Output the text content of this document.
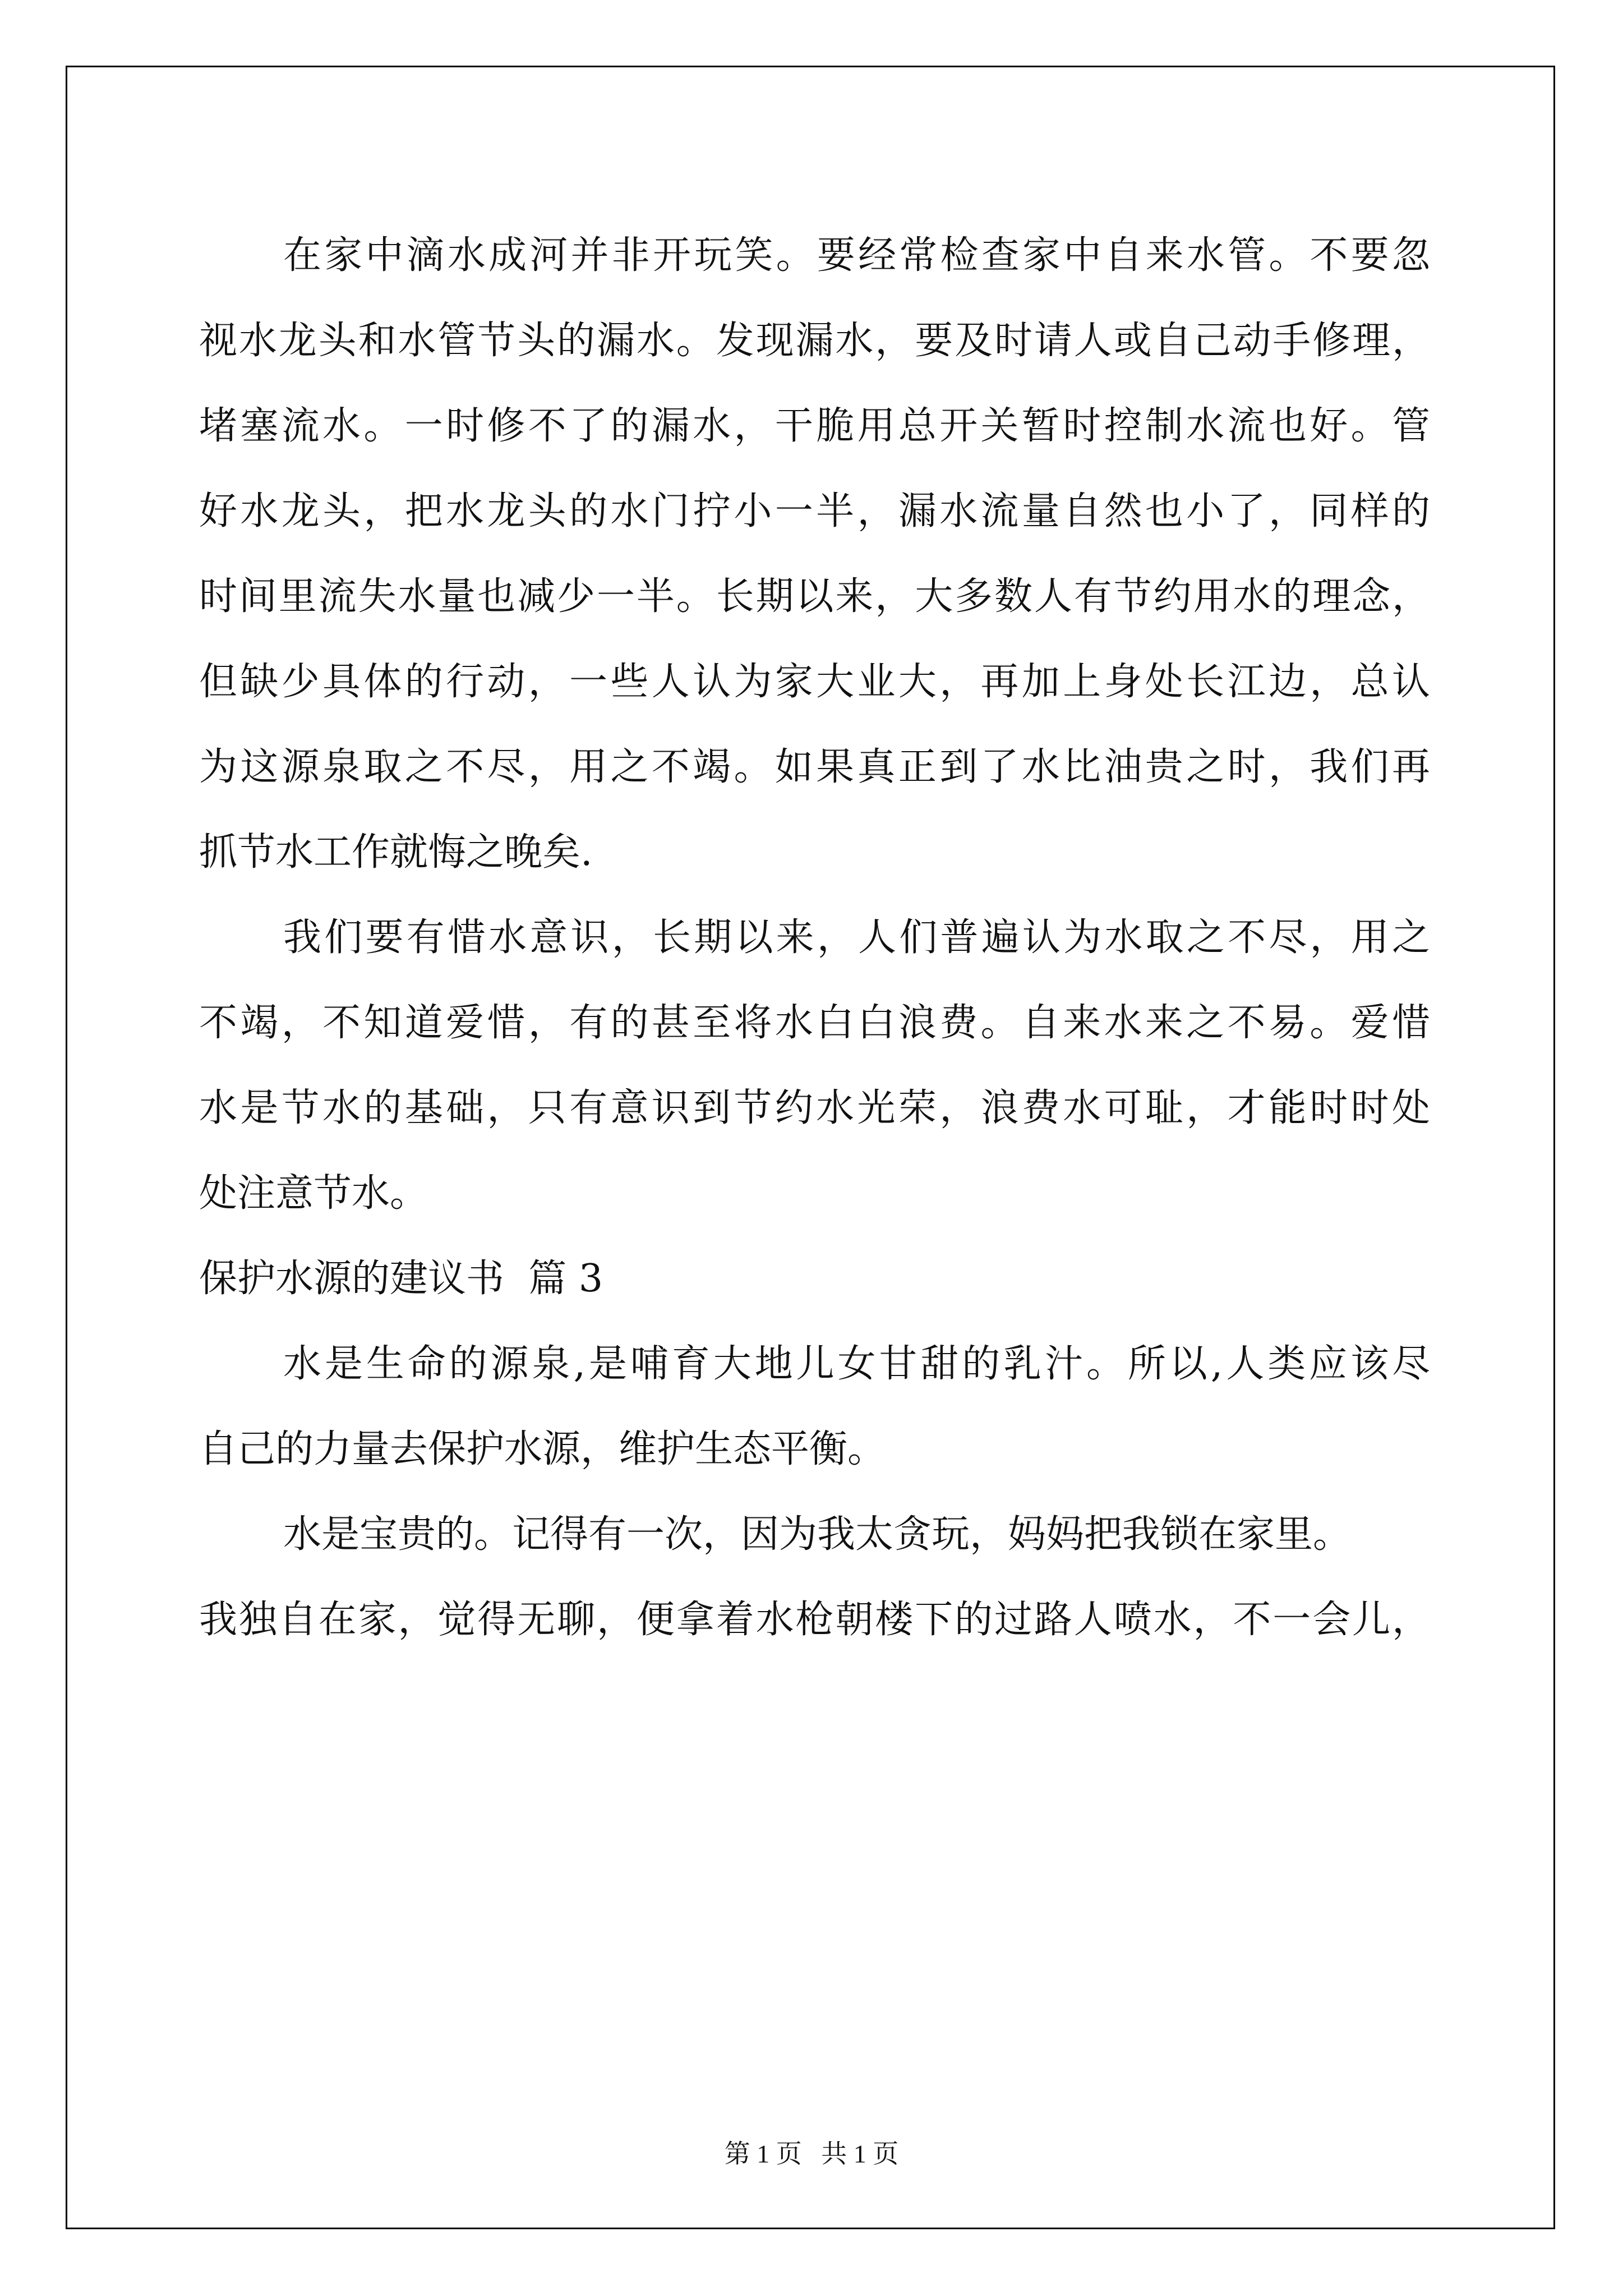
在家中滴水成河并非开玩笑。要经常检查家中自来水管。不要忽
视水龙头和水管节头的漏水。发现漏水，要及时请人或自己动手修理，
堵塞流水。一时修不了的漏水，干脆用总开关暂时控制水流也好。管
好水龙头，把水龙头的水门拧小一半，漏水流量自然也小了，同样的
时间里流失水量也减少一半。长期以来，大多数人有节约用水的理念，
但缺少具体的行动，一些人认为家大业大，再加上身处长江边，总认
为这源泉取之不尽，用之不竭。如果真正到了水比油贵之时，我们再
抓节水工作就悔之晚矣.
我们要有惜水意识，长期以来，人们普遍认为水取之不尽，用之
不竭，不知道爱惜，有的甚至将水白白浪费。自来水来之不易。爱惜
水是节水的基础，只有意识到节约水光荣，浪费水可耻，才能时时处
处注意节水。
保护水源的建议书  篇 3
水是生命的源泉,是哺育大地儿女甘甜的乳汁。所以,人类应该尽
自己的力量去保护水源，维护生态平衡。
水是宝贵的。记得有一次，因为我太贪玩，妈妈把我锁在家里。
我独自在家，觉得无聊，便拿着水枪朝楼下的过路人喷水，不一会儿，
第 1 页   共 1 页
